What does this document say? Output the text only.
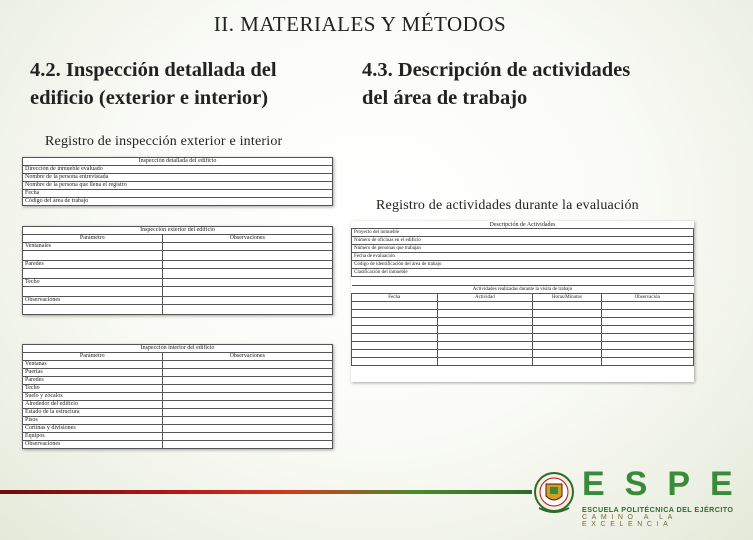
II. MATERIALES Y MÉTODOS
4.2. Inspección detallada del
edificio (exterior e interior)
4.3. Descripción de actividades
del área de trabajo
Registro de inspección exterior e interior
Registro de actividades durante la evaluación
Inspección detallada del edificio
Dirección de inmueble evaluado
Nombre de la persona entrevistada
Nombre de la persona que llena el registro
Fecha
Código del área de trabajo
Inspección exterior del edificio	
Parámetro	Observaciones
Ventanales	

Paredes	

Techo	

Observaciones	

Inspección interior del edificio	
Parámetro	Observaciones
Ventanas	
Puertas	
Paredes	
Techo	
Suelo y zócalos	
Alrededor del edificio	
Estado de la estructura	
Pisos	
Cortinas y divisiones	
Equipos	
Observaciones	
Descripción de Actividades			
Proyecto del inmueble			
Número de oficinas en el edificio			
Número de personas que trabajan			
Fecha de evaluación			
Código de identificación del área de trabajo			
Clasificación del inmueble			

Actividades realizadas durante la visita de trabajo			
Fecha	Actividad	Horas/Minutos	Observación

ESPE
ESCUELA POLITÉCNICA DEL EJÉRCITO
CAMINO A LA EXCELENCIA
